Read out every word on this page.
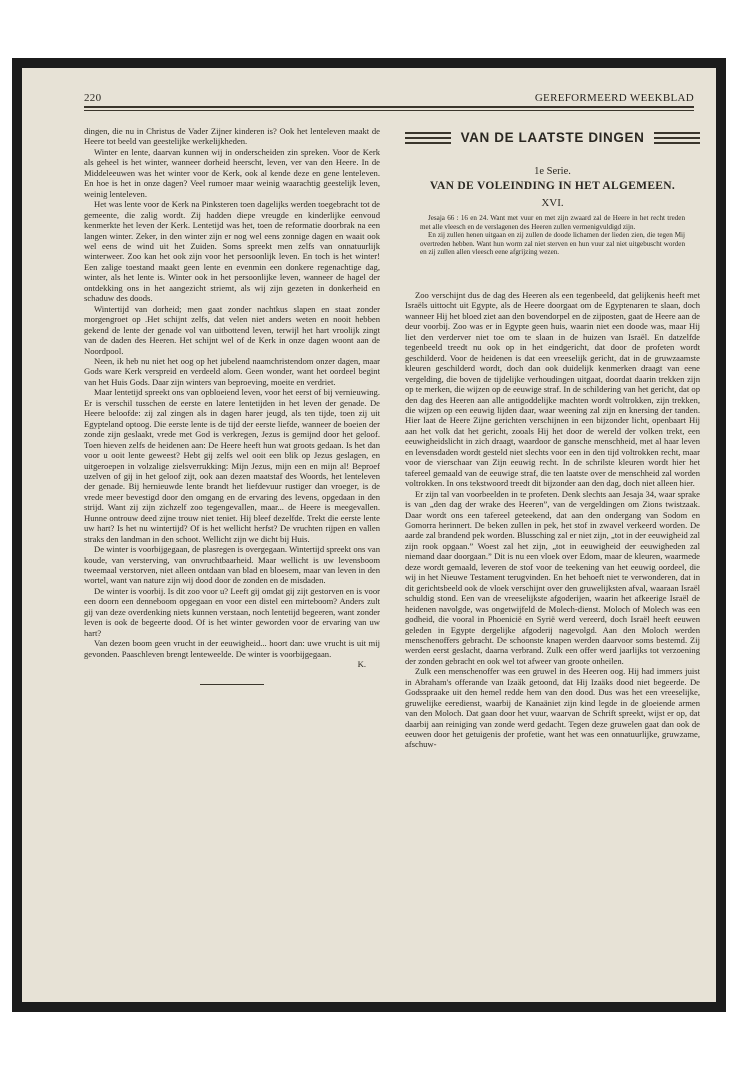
220	GEREFORMEERD WEEKBLAD

dingen, die nu in Christus de Vader Zijner kinderen is? Ook het lenteleven maakt de Heere tot beeld van geestelijke werkelijkheden.

Winter en lente, daarvan kunnen wij in onderscheiden zin spreken. Voor de Kerk als geheel is het winter, wanneer dorheid heerscht, leven, ver van den Heere. In de Middeleeuwen was het winter voor de Kerk, ook al kende deze en gene lenteleven. En hoe is het in onze dagen? Veel rumoer maar weinig waarachtig geestelijk leven, weinig lenteleven.

Het was lente voor de Kerk na Pinksteren toen dagelijks werden toegebracht tot de gemeente, die zalig wordt. Zij hadden diepe vreugde en kinderlijke eenvoud kenmerkte het leven der Kerk. Lentetijd was het, toen de reformatie doorbrak na een langen winter. Zeker, in den winter zijn er nog wel eens zonnige dagen en waait ook wel eens de wind uit het Zuiden. Soms spreekt men zelfs van onnatuurlijk winterweer. Zoo kan het ook zijn voor het persoonlijk leven. En toch is het winter! Een zalige toestand maakt geen lente en evenmin een donkere regenachtige dag, winter, als het lente is. Winter ook in het persoonlijke leven, wanneer de hagel der ontdekking ons in het aangezicht striemt, als wij zijn gezeten in donkerheid en schaduw des doods.

Wintertijd van dorheid; men gaat zonder nachtkus slapen en staat zonder morgengroet op .Het schijnt zelfs, dat velen niet anders weten en nooit hebben gekend de lente der genade vol van uitbottend leven, terwijl het hart vroolijk zingt van de daden des Heeren. Het schijnt wel of de Kerk in onze dagen woont aan de Noordpool.

Neen, ik heb nu niet het oog op het jubelend naamchristendom onzer dagen, maar Gods ware Kerk verspreid en verdeeld alom. Geen wonder, want het oordeel begint van het Huis Gods. Daar zijn winters van beproeving, moeite en verdriet.

Maar lentetijd spreekt ons van opbloeiend leven, voor het eerst of bij vernieuwing. Er is verschil tusschen de eerste en latere lentetijden in het leven der genade. De Heere beloofde: zij zal zingen als in dagen harer jeugd, als ten tijde, toen zij uit Egypteland optoog. Die eerste lente is de tijd der eerste liefde, wanneer de boeien der zonde zijn geslaakt, vrede met God is verkregen, Jezus is gemijnd door het geloof. Toen hieven zelfs de heidenen aan: De Heere heeft hun wat groots gedaan. Is het dan voor u ooit lente geweest? Hebt gij zelfs wel ooit een blik op Jezus geslagen, en uitgeroepen in volzalige zielsverrukking: Mijn Jezus, mijn een en mijn al! Beproef uzelven of gij in het geloof zijt, ook aan dezen maatstaf des Woords, het lenteleven der genade. Bij hernieuwde lente brandt het liefdevuur rustiger dan vroeger, is de vrede meer bevestigd door den omgang en de ervaring des levens, opgedaan in den strijd. Want zij zijn zichzelf zoo tegengevallen, maar... de Heere is meegevallen. Hunne ontrouw deed zijne trouw niet teniet. Hij bleef dezelfde. Trekt die eerste lente uw hart? Is het nu wintertijd? Of is het wellicht herfst? De vruchten rijpen en vallen straks den landman in den schoot. Wellicht zijn we dicht bij Huis.

De winter is voorbijgegaan, de plasregen is overgegaan. Wintertijd spreekt ons van koude, van versterving, van onvruchtbaarheid. Maar wellicht is uw levensboom tweemaal verstorven, niet alleen ontdaan van blad en bloesem, maar van leven in den wortel, want van nature zijn wij dood door de zonden en de misdaden.

De winter is voorbij. Is dit zoo voor u? Leeft gij omdat gij zijt gestorven en is voor een doorn een denneboom opgegaan en voor een distel een mirteboom? Anders zult gij van deze overdenking niets kunnen verstaan, noch lentetijd begeeren, want zonder leven is ook de begeerte dood. Of is het winter geworden voor de ervaring van uw hart?

Van dezen boom geen vrucht in der eeuwigheid... hoort dan: uwe vrucht is uit mij gevonden. Paaschleven brengt lenteweelde. De winter is voorbijgegaan.

K.
VAN DE LAATSTE DINGEN
1e Serie.
VAN DE VOLEINDING IN HET ALGEMEEN.
XVI.

Jesaja 66 : 16 en 24. Want met vuur en met zijn zwaard zal de Heere in het recht treden met alle vleesch en de verslagenen des Heeren zullen vermenigvuldigd zijn.

En zij zullen henen uitgaan en zij zullen de doode lichamen der lieden zien, die tegen Mij overtreden hebben. Want hun worm zal niet sterven en hun vuur zal niet uitgebuscht worden en zij zullen allen vleesch eene afgrijzing wezen.

Zoo verschijnt dus de dag des Heeren als een tegenbeeld, dat gelijkenis heeft met Israëls uittocht uit Egypte, als de Heere doorgaat om de Egyptenaren te slaan, doch wanneer Hij het bloed ziet aan den bovendorpel en de zijposten, gaat de Heere aan de deur voorbij. Zoo was er in Egypte geen huis, waarin niet een doode was, maar Hij liet den verderver niet toe om te slaan in de huizen van Israël. En datzelfde tegenbeeld treedt nu ook op in het eindgericht, dat door de profeten wordt geschilderd. Voor de heidenen is dat een vreeselijk gericht, dat in de gruwzaamste kleuren geschilderd wordt, doch dan ook duidelijk kenmerken draagt van eene vergelding, die boven de tijdelijke verhoudingen uitgaat, doordat daarin trekken zijn op te merken, die wijzen op de eeuwige straf. In de schildering van het gericht, dat op den dag des Heeren aan alle antigoddelijke machten wordt voltrokken, zijn trekken, die wijzen op een eeuwig lijden daar, waar weening zal zijn en knersing der tanden. Hier laat de Heere Zijne gerichten verschijnen in een bijzonder licht, openbaart Hij aan het volk dat het gericht, zooals Hij het door de wereld der volken trekt, een eeuwigheidslicht in zich draagt, waardoor de gansche menschheid, met al haar leven en levensdaden wordt gesteld niet slechts voor een in den tijd voltrokken recht, maar voor de vierschaar van Zijn eeuwig recht. In de schrilste kleuren wordt hier het tafereel gemaald van de eeuwige straf, die ten laatste over de menschheid zal worden voltrokken. In ons tekstwoord treedt dit bijzonder aan den dag, doch niet alleen hier.

Er zijn tal van voorbeelden in te profeten. Denk slechts aan Jesaja 34, waar sprake is van „den dag der wrake des Heeren”, van de vergeldingen om Zions twistzaak. Daar wordt ons een tafereel geteekend, dat aan den ondergang van Sodom en Gomorra herinnert. De beken zullen in pek, het stof in zwavel verkeerd worden. De aarde zal brandend pek worden. Blussching zal er niet zijn, „tot in der eeuwigheid zal zijn rook opgaan.” Woest zal het zijn, „tot in eeuwigheid der eeuwigheden zal niemand daar doorgaan.” Dit is nu een vloek over Edom, maar de kleuren, waarmede deze wordt gemaald, leveren de stof voor de teekening van het eeuwig oordeel, die wij in het Nieuwe Testament terugvinden. En het behoeft niet te verwonderen, dat in dit gerichtsbeeld ook de vloek verschijnt over den gruwelijksten afval, waaraan Israël schuldig stond. Een van de vreeselijkste afgoderijen, waarin het afkeerige Israël de heidenen navolgde, was ongetwijfeld de Molech-dienst. Moloch of Molech was een godheid, die vooral in Phoenicië en Syrië werd vereerd, doch Israël heeft eeuwen geleden in Egypte dergelijke afgoderij nagevolgd. Aan den Moloch werden menschenoffers gebracht. De schoonste knapen werden daarvoor soms bestemd. Zij werden eerst geslacht, daarna verbrand. Zulk een offer werd jaarlijks tot verzoening der zonden gebracht en ook wel tot afweer van groote onheilen.

Zulk een menschenoffer was een gruwel in des Heeren oog. Hij had immers juist in Abraham's offerande van Izaäk getoond, dat Hij Izaäks dood niet begeerde. De Godsspraake uit den hemel redde hem van den dood. Dus was het een vreeselijke, gruwelijke eeredienst, waarbij de Kanaäniet zijn kind legde in de gloeiende armen van den Moloch. Dat gaan door het vuur, waarvan de Schrift spreekt, wijst er op, dat daarbij aan reiniging van zonde werd gedacht. Tegen deze gruwelen gaat dan ook de eeuwen door het getuigenis der profetie, want het was een onnatuurlijke, gruwzame, afschuw-
